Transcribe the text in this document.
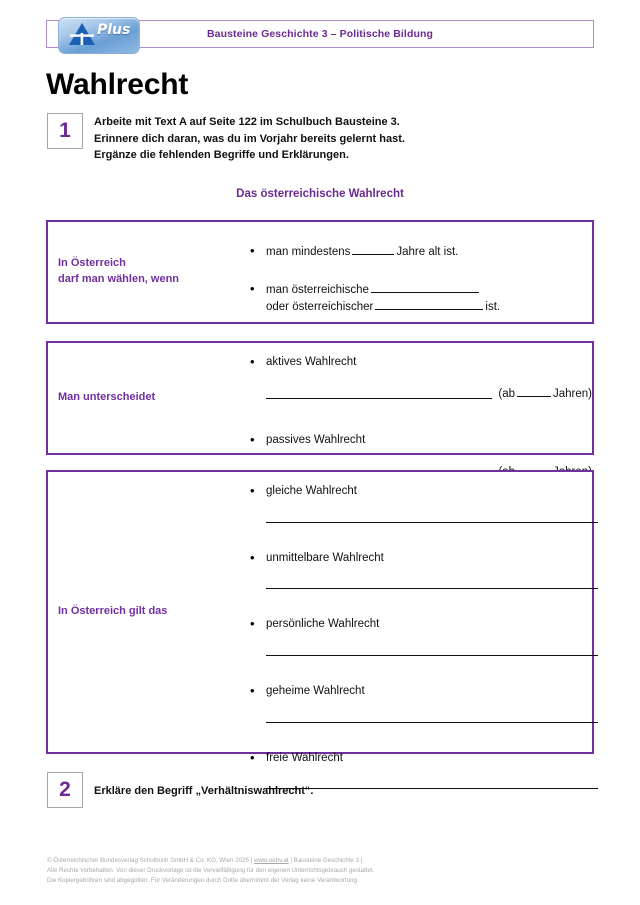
Bausteine Geschichte 3 – Politische Bildung
Plus
Wahlrecht
1	Arbeite mit Text A auf Seite 122 im Schulbuch Bausteine 3.
Erinnere dich daran, was du im Vorjahr bereits gelernt hast.
Ergänze die fehlenden Begriffe und Erklärungen.
Das österreichische Wahlrecht
In Österreich
darf man wählen, wenn
• man mindestens	Jahre alt ist.
• man österreichische
oder österreichischer	ist.
Man unterscheidet
• aktives Wahlrecht
(ab	Jahren)
• passives Wahlrecht
In Österreich gilt das
• gleiche Wahlrecht
• unmittelbare Wahlrecht
• persönliche Wahlrecht
• geheime Wahlrecht
• freie Wahlrecht
2	Erkläre den Begriff „Verhältniswahlrecht“.
© Österreichischer Bundesverlag Schulbuch GmbH & Co. KG, Wien 2025 | www.oebv.at | Bausteine Geschichte 3 |
Alle Rechte vorbehalten. Von dieser Druckvorlage ist die Vervielfältigung für den eigenen Unterrichtsgebrauch gestattet.
Die Kopiergebühren sind abgegolten. Für Veränderungen durch Dritte übernimmt der Verlag keine Verantwortung.
